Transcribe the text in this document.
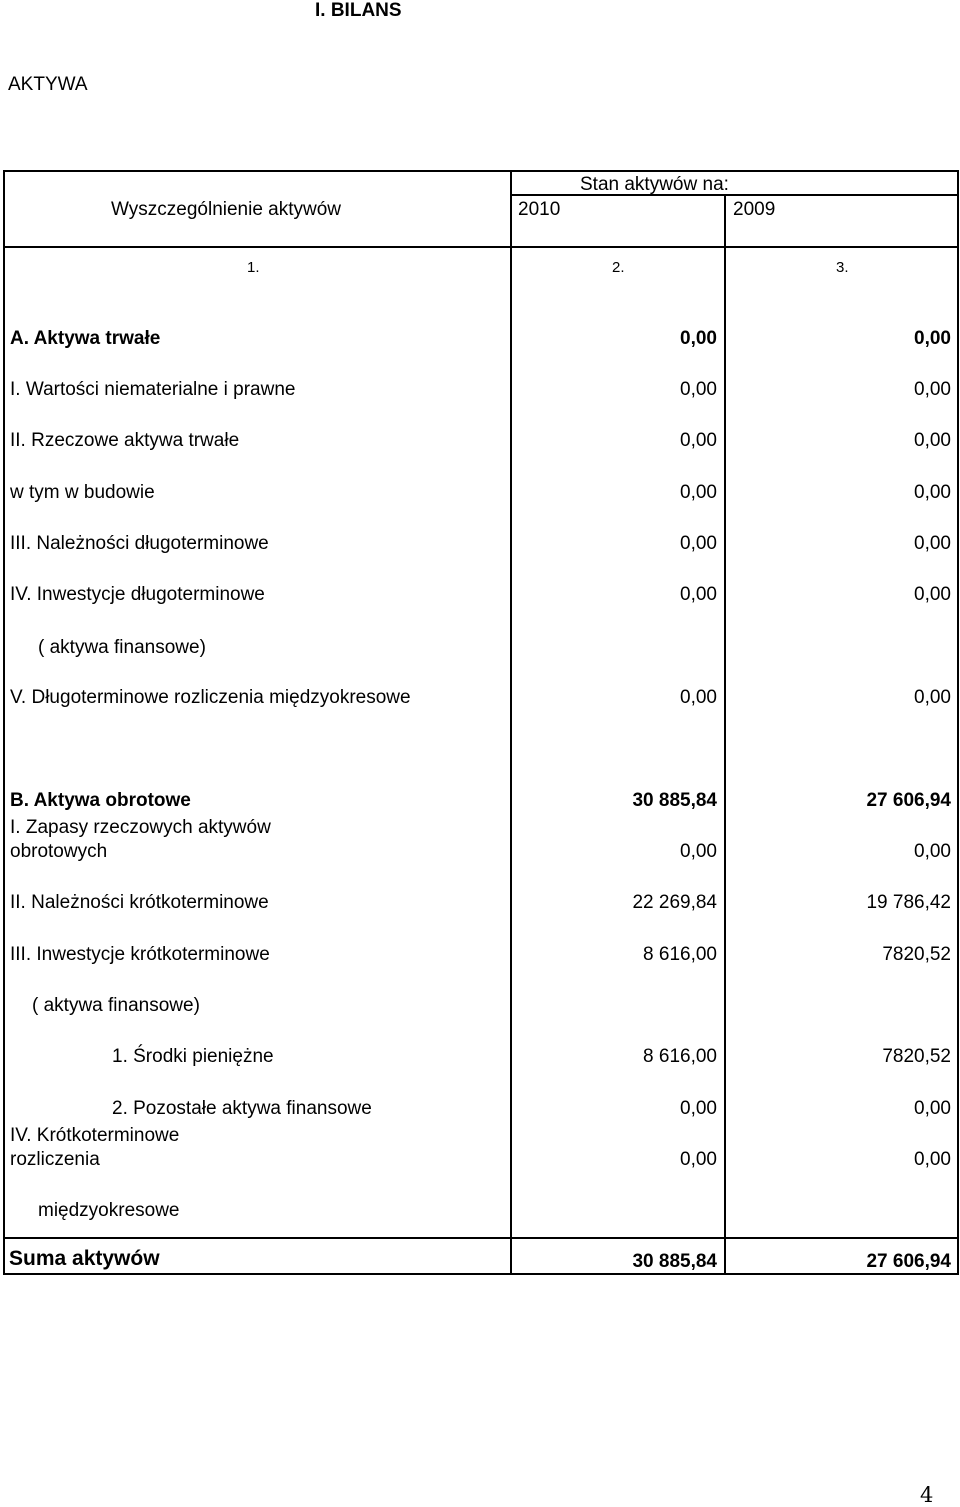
I. BILANS
AKTYWA
Stan aktywów na:
Wyszczególnienie aktywów	2010	2009
1.	2.	3.
A. Aktywa trwałe	0,00	0,00
I. Wartości niematerialne i prawne	0,00	0,00
II. Rzeczowe aktywa trwałe	0,00	0,00
w tym w budowie	0,00	0,00
III. Należności długoterminowe	0,00	0,00
IV. Inwestycje długoterminowe	0,00	0,00
( aktywa finansowe)
V. Długoterminowe rozliczenia międzyokresowe	0,00	0,00
B. Aktywa obrotowe	30 885,84	27 606,94
I. Zapasy rzeczowych aktywów
obrotowych	0,00	0,00
II. Należności krótkoterminowe	22 269,84	19 786,42
III. Inwestycje krótkoterminowe	8 616,00	7820,52
( aktywa finansowe)
1. Środki pieniężne	8 616,00	7820,52
2. Pozostałe aktywa finansowe	0,00	0,00
IV. Krótkoterminowe
rozliczenia	0,00	0,00
międzyokresowe
Suma aktywów	30 885,84	27 606,94
4
